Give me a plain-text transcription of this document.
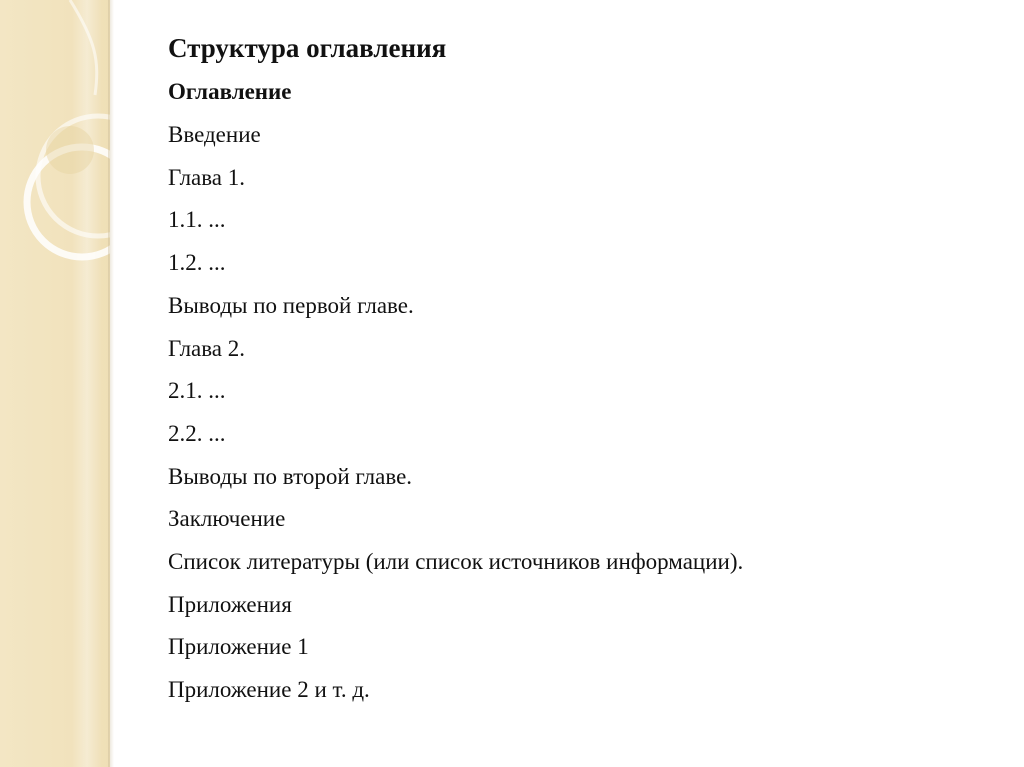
Структура оглавления

Оглавление

Введение

Глава 1.

1.1. ...

1.2. ...

Выводы по первой главе.

Глава 2.

2.1. ...

2.2. ...

Выводы по второй главе.

Заключение

Список литературы (или список источников информации).

Приложения

Приложение 1

Приложение 2 и т. д.
